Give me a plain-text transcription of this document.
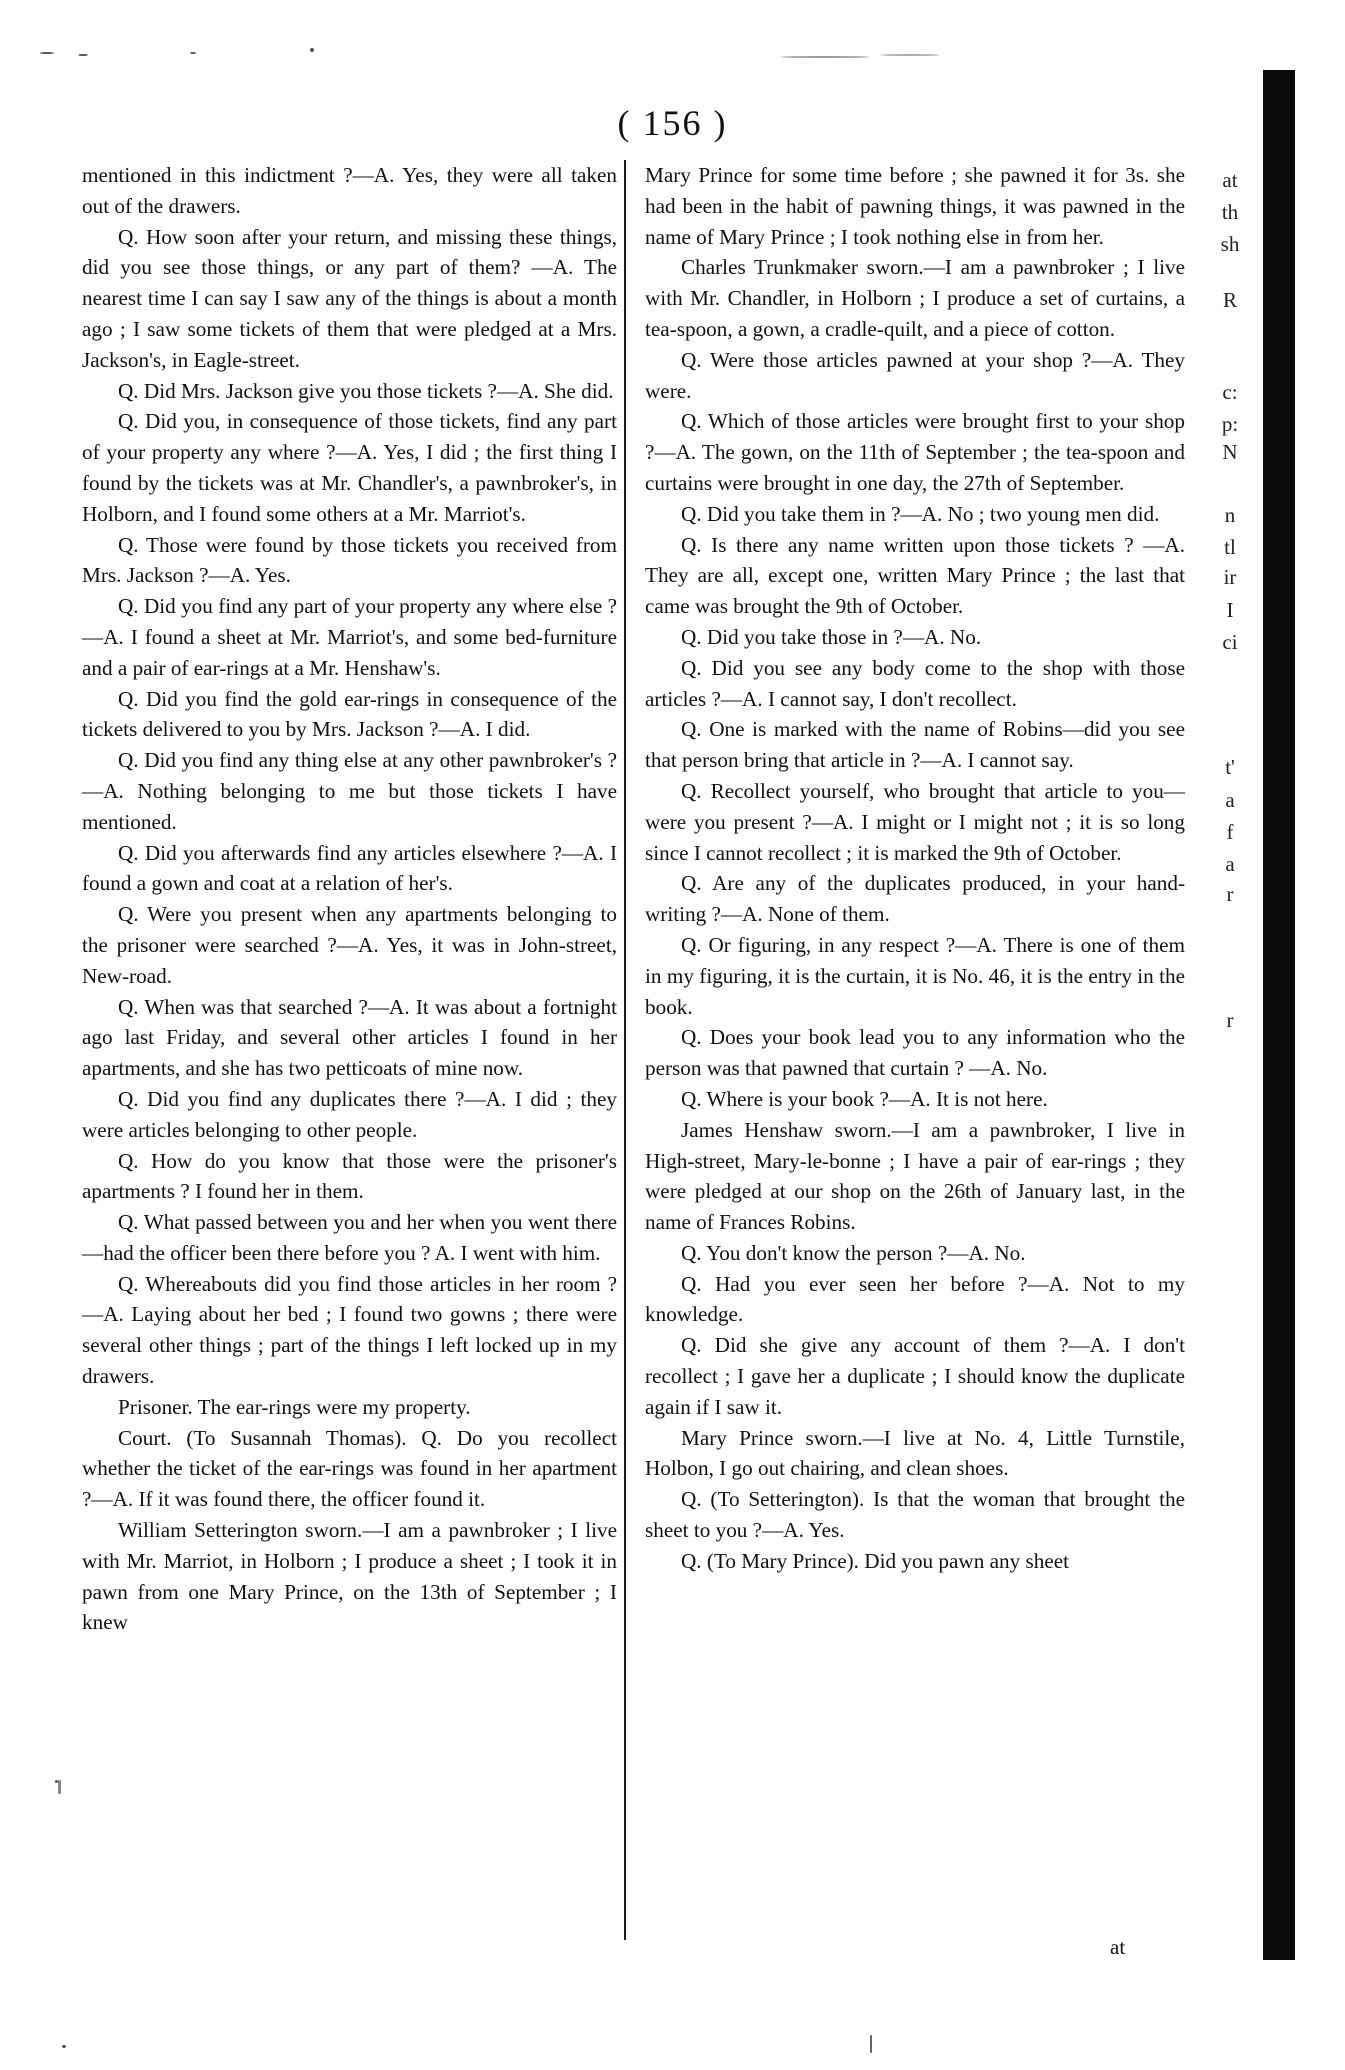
( 156 )

mentioned in this indictment ?—A. Yes, they were all taken out of the drawers.

Q. How soon after your return, and missing these things, did you see those things, or any part of them? —A. The nearest time I can say I saw any of the things is about a month ago ; I saw some tickets of them that were pledged at a Mrs. Jackson's, in Eagle-street.

Q. Did Mrs. Jackson give you those tickets ?—A. She did.

Q. Did you, in consequence of those tickets, find any part of your property any where ?—A. Yes, I did ; the first thing I found by the tickets was at Mr. Chandler's, a pawnbroker's, in Holborn, and I found some others at a Mr. Marriot's.

Q. Those were found by those tickets you received from Mrs. Jackson ?—A. Yes.

Q. Did you find any part of your property any where else ?—A. I found a sheet at Mr. Marriot's, and some bed-furniture and a pair of ear-rings at a Mr. Henshaw's.

Q. Did you find the gold ear-rings in consequence of the tickets delivered to you by Mrs. Jackson ?—A. I did.

Q. Did you find any thing else at any other pawnbroker's ?—A. Nothing belonging to me but those tickets I have mentioned.

Q. Did you afterwards find any articles elsewhere ?—A. I found a gown and coat at a relation of her's.

Q. Were you present when any apartments belonging to the prisoner were searched ?—A. Yes, it was in John-street, New-road.

Q. When was that searched ?—A. It was about a fortnight ago last Friday, and several other articles I found in her apartments, and she has two petticoats of mine now.

Q. Did you find any duplicates there ?—A. I did ; they were articles belonging to other people.

Q. How do you know that those were the prisoner's apartments ? I found her in them.

Q. What passed between you and her when you went there—had the officer been there before you ? A. I went with him.

Q. Whereabouts did you find those articles in her room ?—A. Laying about her bed ; I found two gowns ; there were several other things ; part of the things I left locked up in my drawers.

Prisoner. The ear-rings were my property.

Court. (To Susannah Thomas). Q. Do you recollect whether the ticket of the ear-rings was found in her apartment ?—A. If it was found there, the officer found it.

William Setterington sworn.—I am a pawnbroker ; I live with Mr. Marriot, in Holborn ; I produce a sheet ; I took it in pawn from one Mary Prince, on the 13th of September ; I knew

Mary Prince for some time before ; she pawned it for 3s. she had been in the habit of pawning things, it was pawned in the name of Mary Prince ; I took nothing else in from her.

Charles Trunkmaker sworn.—I am a pawnbroker ; I live with Mr. Chandler, in Holborn ; I produce a set of curtains, a tea-spoon, a gown, a cradle-quilt, and a piece of cotton.

Q. Were those articles pawned at your shop ?—A. They were.

Q. Which of those articles were brought first to your shop ?—A. The gown, on the 11th of September ; the tea-spoon and curtains were brought in one day, the 27th of September.

Q. Did you take them in ?—A. No ; two young men did.

Q. Is there any name written upon those tickets ? —A. They are all, except one, written Mary Prince ; the last that came was brought the 9th of October.

Q. Did you take those in ?—A. No.

Q. Did you see any body come to the shop with those articles ?—A. I cannot say, I don't recollect.

Q. One is marked with the name of Robins—did you see that person bring that article in ?—A. I cannot say.

Q. Recollect yourself, who brought that article to you—were you present ?—A. I might or I might not ; it is so long since I cannot recollect ; it is marked the 9th of October.

Q. Are any of the duplicates produced, in your hand-writing ?—A. None of them.

Q. Or figuring, in any respect ?—A. There is one of them in my figuring, it is the curtain, it is No. 46, it is the entry in the book.

Q. Does your book lead you to any information who the person was that pawned that curtain ? —A. No.

Q. Where is your book ?—A. It is not here.

James Henshaw sworn.—I am a pawnbroker, I live in High-street, Mary-le-bonne ; I have a pair of ear-rings ; they were pledged at our shop on the 26th of January last, in the name of Frances Robins.

Q. You don't know the person ?—A. No.

Q. Had you ever seen her before ?—A. Not to my knowledge.

Q. Did she give any account of them ?—A. I don't recollect ; I gave her a duplicate ; I should know the duplicate again if I saw it.

Mary Prince sworn.—I live at No. 4, Little Turnstile, Holbon, I go out chairing, and clean shoes.

Q. (To Setterington). Is that the woman that brought the sheet to you ?—A. Yes.

Q. (To Mary Prince). Did you pawn any sheet

at
at
th
sh
R
c:
p:
N
n
tl
ir
I
ci
t'
a
f
a
r
r
